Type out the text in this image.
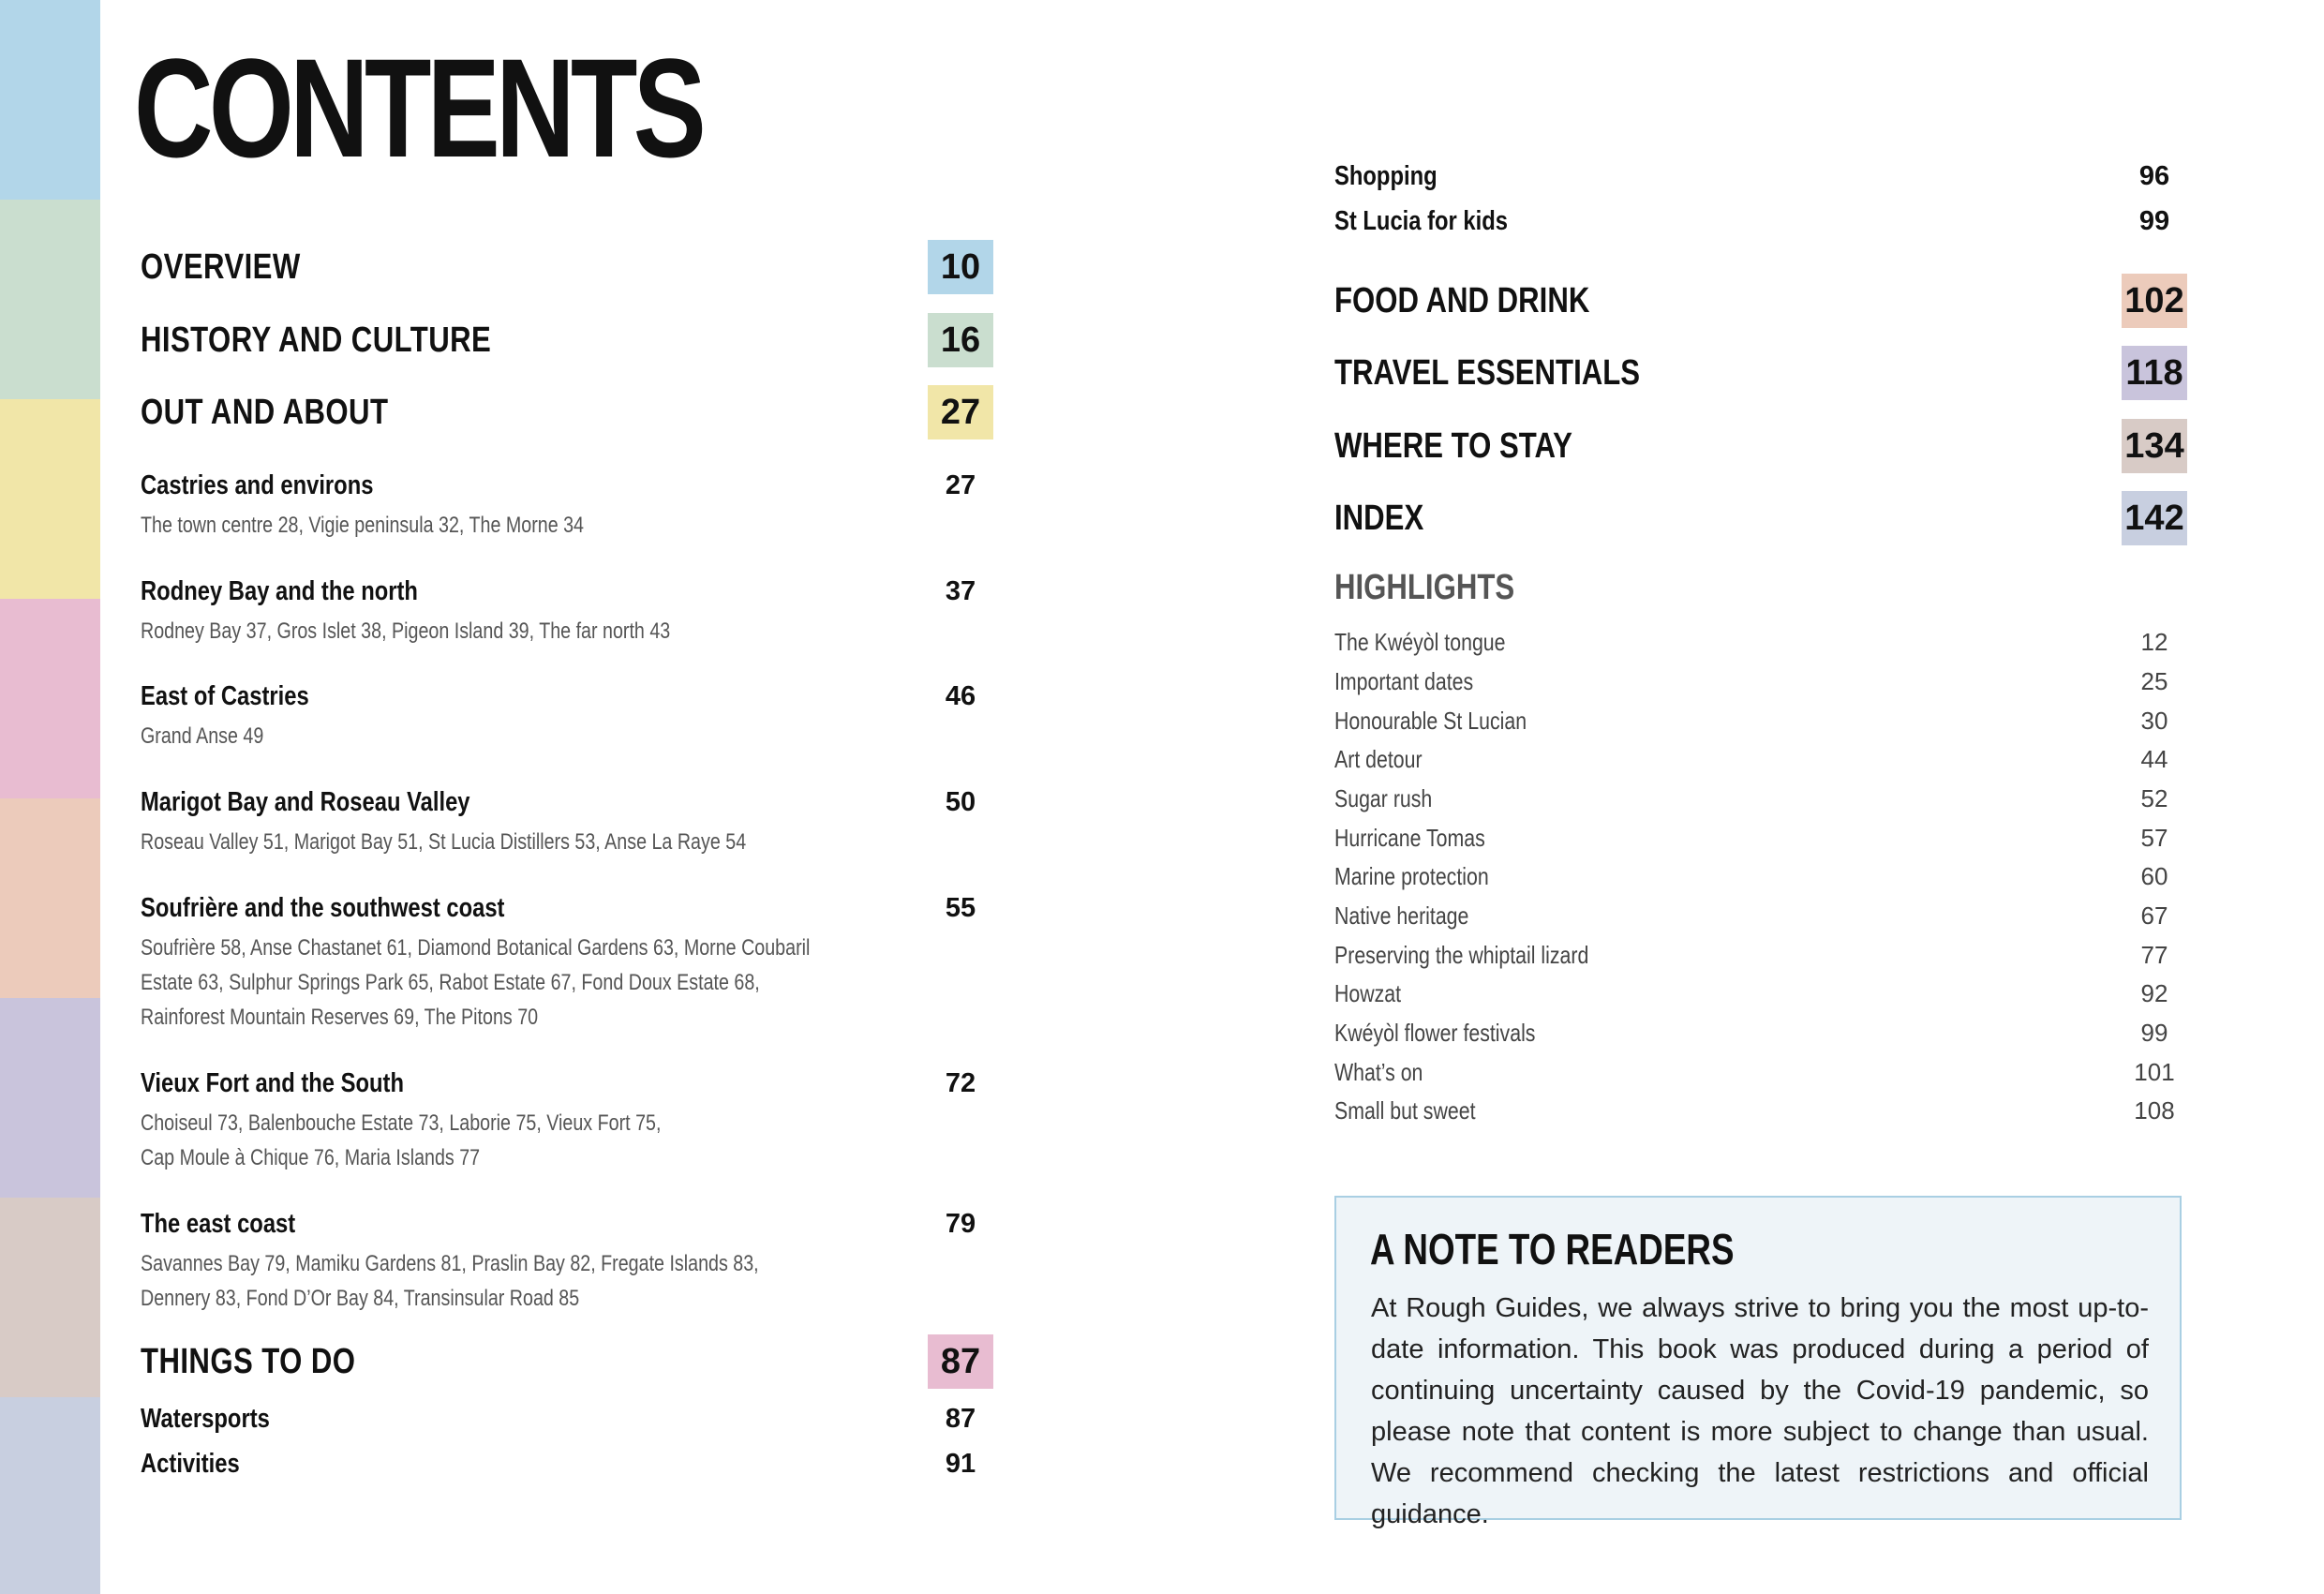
CONTENTS
OVERVIEW	10
HISTORY AND CULTURE	16
OUT AND ABOUT	27
Castries and environs	27
The town centre 28, Vigie peninsula 32, The Morne 34
Rodney Bay and the north	37
Rodney Bay 37, Gros Islet 38, Pigeon Island 39, The far north 43
East of Castries	46
Grand Anse 49
Marigot Bay and Roseau Valley	50
Roseau Valley 51, Marigot Bay 51, St Lucia Distillers 53, Anse La Raye 54
Soufrière and the southwest coast	55
Soufrière 58, Anse Chastanet 61, Diamond Botanical Gardens 63, Morne Coubaril
Estate 63, Sulphur Springs Park 65, Rabot Estate 67, Fond Doux Estate 68,
Rainforest Mountain Reserves 69, The Pitons 70
Vieux Fort and the South	72
Choiseul 73, Balenbouche Estate 73, Laborie 75, Vieux Fort 75,
Cap Moule à Chique 76, Maria Islands 77
The east coast	79
Savannes Bay 79, Mamiku Gardens 81, Praslin Bay 82, Fregate Islands 83,
Dennery 83, Fond D’Or Bay 84, Transinsular Road 85
THINGS TO DO	87
Watersports	87
Activities	91
Shopping	96
St Lucia for kids	99
FOOD AND DRINK	102
TRAVEL ESSENTIALS	118
WHERE TO STAY	134
INDEX	142
HIGHLIGHTS
The Kwéyòl tongue	12
Important dates	25
Honourable St Lucian	30
Art detour	44
Sugar rush	52
Hurricane Tomas	57
Marine protection	60
Native heritage	67
Preserving the whiptail lizard	77
Howzat	92
Kwéyòl flower festivals	99
What’s on	101
Small but sweet	108
A NOTE TO READERS

At Rough Guides, we always strive to bring you the most up-to-date information. This book was produced during a period of continuing uncertainty caused by the Covid-19 pandemic, so please note that content is more subject to change than usual. We recommend checking the latest restrictions and official guidance.
